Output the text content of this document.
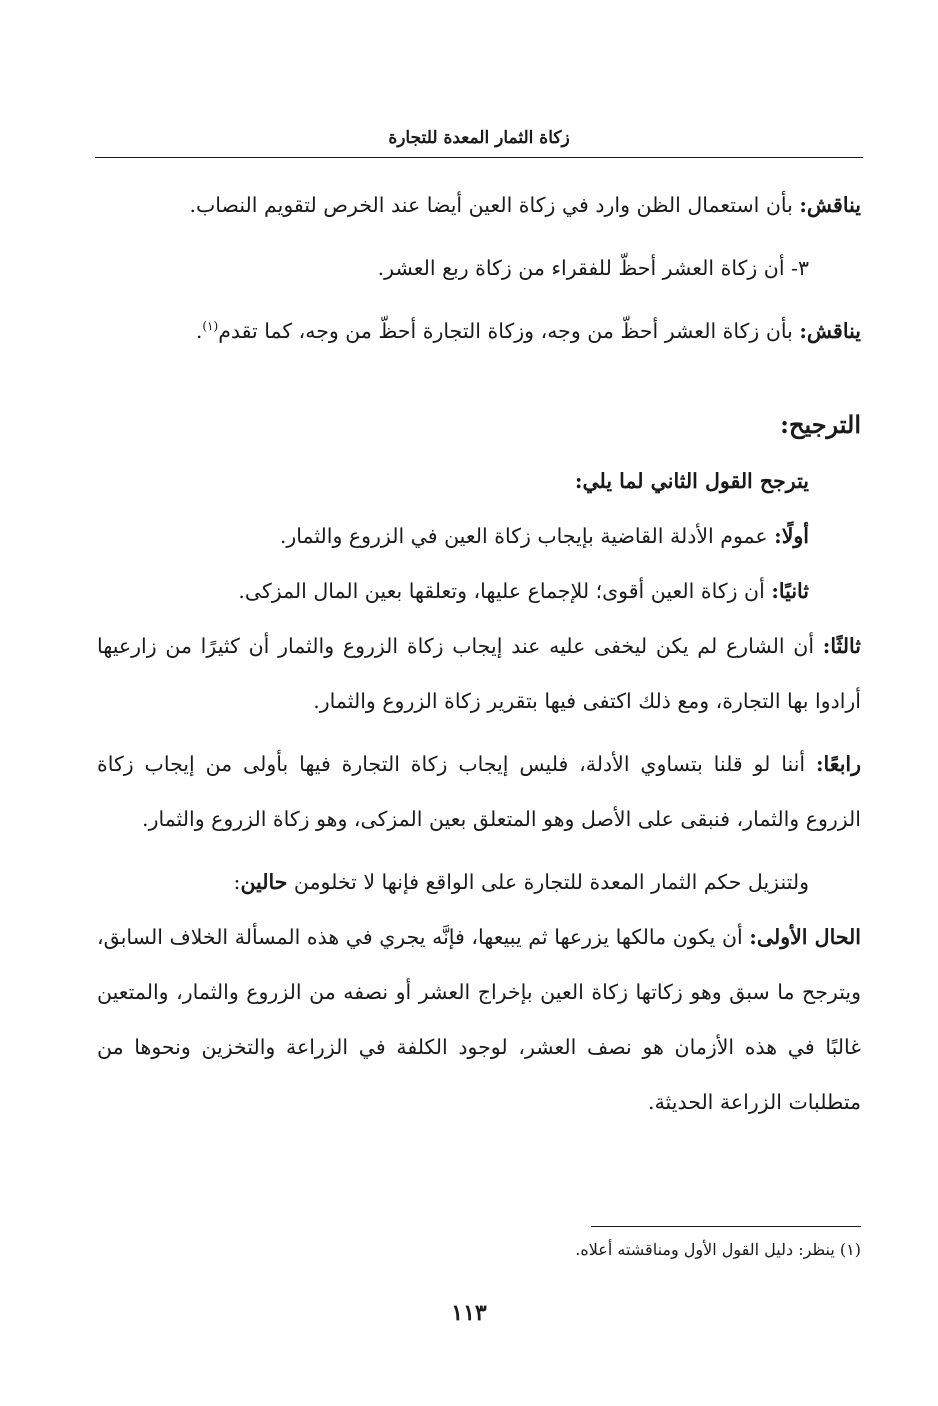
زكاة الثمار المعدة للتجارة

يناقش: بأن استعمال الظن وارد في زكاة العين أيضا عند الخرص لتقويم النصاب.

٣- أن زكاة العشر أحظّ للفقراء من زكاة ربع العشر.

يناقش: بأن زكاة العشر أحظّ من وجه، وزكاة التجارة أحظّ من وجه، كما تقدم$^{(١)}$.

الترجيح:

يترجح القول الثاني لما يلي:

أولًا: عموم الأدلة القاضية بإيجاب زكاة العين في الزروع والثمار.

ثانيًا: أن زكاة العين أقوى؛ للإجماع عليها، وتعلقها بعين المال المزكى.

ثالثًا: أن الشارع لم يكن ليخفى عليه عند إيجاب زكاة الزروع والثمار أن كثيرًا من زارعيها أرادوا بها التجارة، ومع ذلك اكتفى فيها بتقرير زكاة الزروع والثمار.

رابعًا: أننا لو قلنا بتساوي الأدلة، فليس إيجاب زكاة التجارة فيها بأولى من إيجاب زكاة الزروع والثمار، فنبقى على الأصل وهو المتعلق بعين المزكى، وهو زكاة الزروع والثمار.

ولتنزيل حكم الثمار المعدة للتجارة على الواقع فإنها لا تخلومن حالين:

الحال الأولى: أن يكون مالكها يزرعها ثم يبيعها، فإنَّه يجري في هذه المسألة الخلاف السابق، ويترجح ما سبق وهو زكاتها زكاة العين بإخراج العشر أو نصفه من الزروع والثمار، والمتعين غالبًا في هذه الأزمان هو نصف العشر، لوجود الكلفة في الزراعة والتخزين ونحوها من متطلبات الزراعة الحديثة.

(١) ينظر: دليل القول الأول ومناقشته أعلاه.
١١٣
